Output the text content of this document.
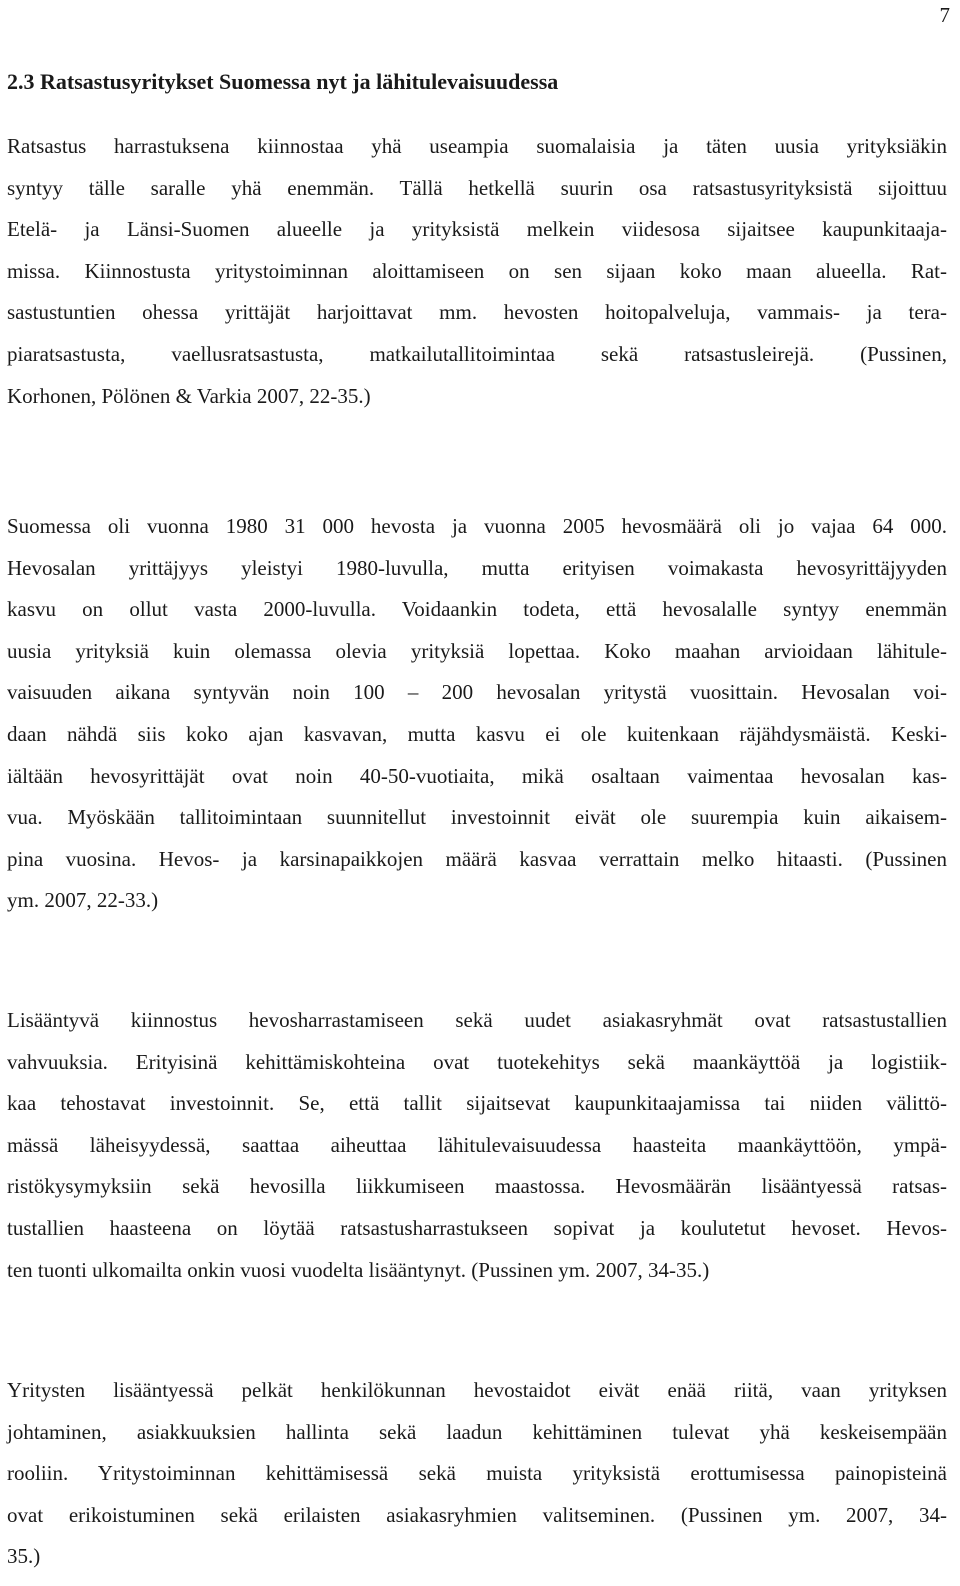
7
2.3 Ratsastusyritykset Suomessa nyt ja lähitulevaisuudessa
Ratsastus harrastuksena kiinnostaa yhä useampia suomalaisia ja täten uusia yrityksiäkin
syntyy tälle saralle yhä enemmän. Tällä hetkellä suurin osa ratsastusyrityksistä sijoittuu
Etelä- ja Länsi-Suomen alueelle ja yrityksistä melkein viidesosa sijaitsee kaupunkitaaja-
missa. Kiinnostusta yritystoiminnan aloittamiseen on sen sijaan koko maan alueella. Rat-
sastustuntien ohessa yrittäjät harjoittavat mm. hevosten hoitopalveluja, vammais- ja tera-
piaratsastusta, vaellusratsastusta, matkailutallitoimintaa sekä ratsastusleirejä. (Pussinen,
Korhonen, Pölönen & Varkia 2007, 22-35.)
Suomessa oli vuonna 1980 31 000 hevosta ja vuonna 2005 hevosmäärä oli jo vajaa 64 000.
Hevosalan yrittäjyys yleistyi 1980-luvulla, mutta erityisen voimakasta hevosyrittäjyyden
kasvu on ollut vasta 2000-luvulla. Voidaankin todeta, että hevosalalle syntyy enemmän
uusia yrityksiä kuin olemassa olevia yrityksiä lopettaa. Koko maahan arvioidaan lähitule-
vaisuuden aikana syntyvän noin 100 – 200 hevosalan yritystä vuosittain. Hevosalan voi-
daan nähdä siis koko ajan kasvavan, mutta kasvu ei ole kuitenkaan räjähdysmäistä. Keski-
iältään hevosyrittäjät ovat noin 40-50-vuotiaita, mikä osaltaan vaimentaa hevosalan kas-
vua. Myöskään tallitoimintaan suunnitellut investoinnit eivät ole suurempia kuin aikaisem-
pina vuosina. Hevos- ja karsinapaikkojen määrä kasvaa verrattain melko hitaasti. (Pussinen
ym. 2007, 22-33.)
Lisääntyvä kiinnostus hevosharrastamiseen sekä uudet asiakasryhmät ovat ratsastustallien
vahvuuksia. Erityisinä kehittämiskohteina ovat tuotekehitys sekä maankäyttöä ja logistiik-
kaa tehostavat investoinnit. Se, että tallit sijaitsevat kaupunkitaajamissa tai niiden välittö-
mässä läheisyydessä, saattaa aiheuttaa lähitulevaisuudessa haasteita maankäyttöön, ympä-
ristökysymyksiin sekä hevosilla liikkumiseen maastossa. Hevosmäärän lisääntyessä ratsas-
tustallien haasteena on löytää ratsastusharrastukseen sopivat ja koulutetut hevoset. Hevos-
ten tuonti ulkomailta onkin vuosi vuodelta lisääntynyt. (Pussinen ym. 2007, 34-35.)
Yritysten lisääntyessä pelkät henkilökunnan hevostaidot eivät enää riitä, vaan yrityksen
johtaminen, asiakkuuksien hallinta sekä laadun kehittäminen tulevat yhä keskeisempään
rooliin. Yritystoiminnan kehittämisessä sekä muista yrityksistä erottumisessa painopisteinä
ovat erikoistuminen sekä erilaisten asiakasryhmien valitseminen. (Pussinen ym. 2007, 34-
35.)
